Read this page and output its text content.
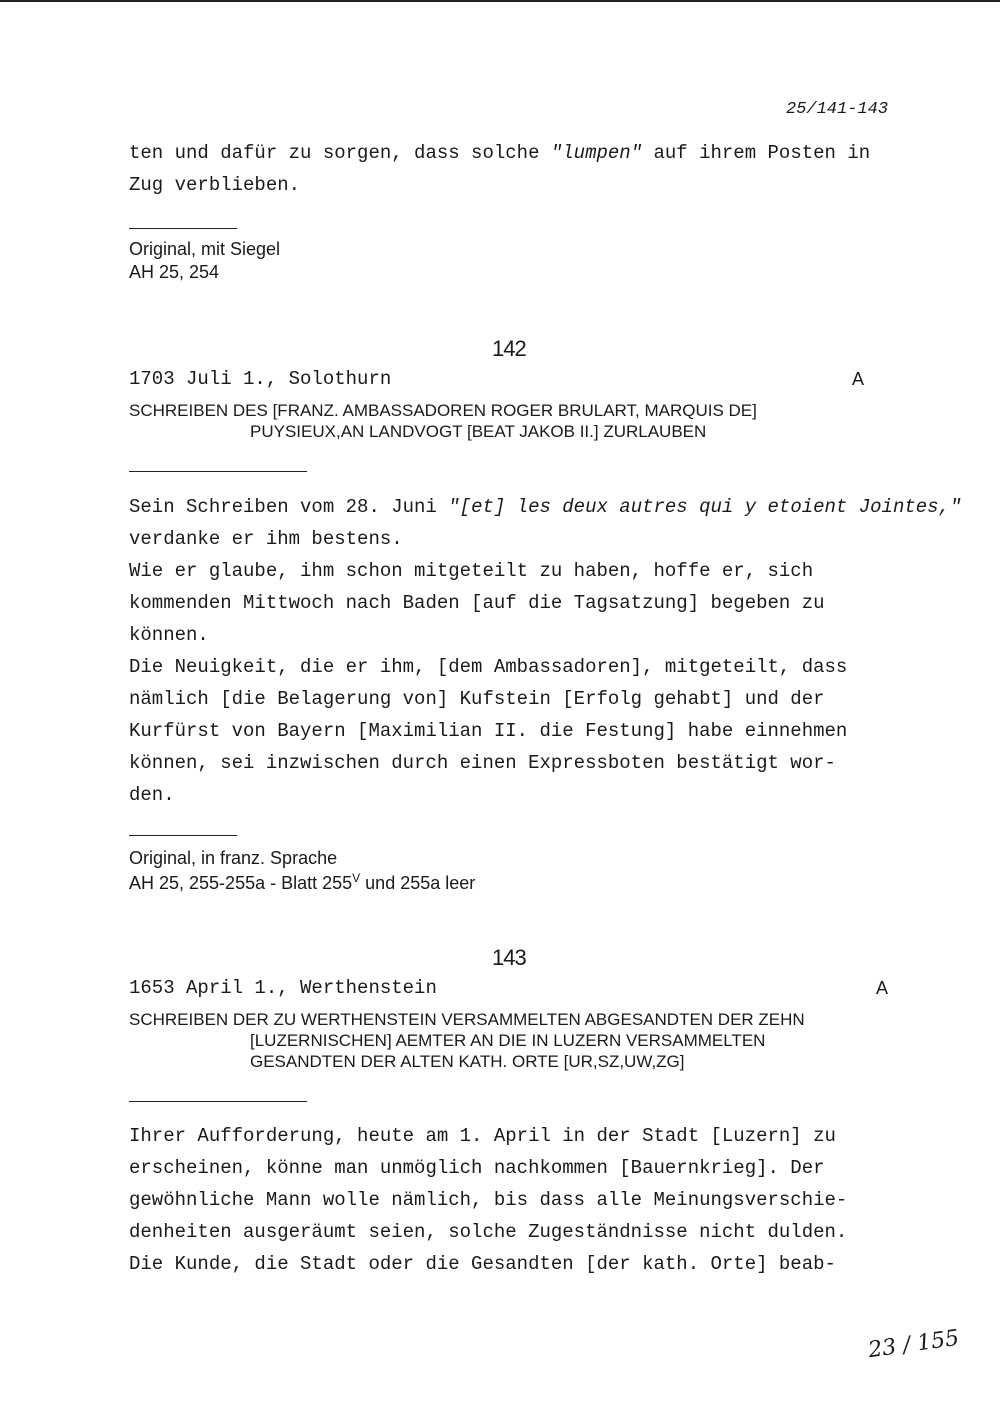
25/141-143
ten und dafür zu sorgen, dass solche "lumpen" auf ihrem Posten in
Zug verblieben.
Original, mit Siegel
AH 25, 254
142
1703 Juli 1., Solothurn	A
SCHREIBEN DES [FRANZ. AMBASSADOREN ROGER BRULART, MARQUIS DE]
PUYSIEUX,AN LANDVOGT [BEAT JAKOB II.] ZURLAUBEN
Sein Schreiben vom 28. Juni "[et] les deux autres qui y etoient Jointes,"
verdanke er ihm bestens.
Wie er glaube, ihm schon mitgeteilt zu haben, hoffe er, sich
kommenden Mittwoch nach Baden [auf die Tagsatzung] begeben zu
können.
Die Neuigkeit, die er ihm, [dem Ambassadoren], mitgeteilt, dass
nämlich [die Belagerung von] Kufstein [Erfolg gehabt] und der
Kurfürst von Bayern [Maximilian II. die Festung] habe einnehmen
können, sei inzwischen durch einen Expressboten bestätigt wor-
den.
Original, in franz. Sprache
AH 25, 255-255a - Blatt $255^V$ und 255a leer
143
1653 April 1., Werthenstein	A
SCHREIBEN DER ZU WERTHENSTEIN VERSAMMELTEN ABGESANDTEN DER ZEHN
[LUZERNISCHEN] AEMTER AN DIE IN LUZERN VERSAMMELTEN
GESANDTEN DER ALTEN KATH. ORTE [UR,SZ,UW,ZG]
Ihrer Aufforderung, heute am 1. April in der Stadt [Luzern] zu
erscheinen, könne man unmöglich nachkommen [Bauernkrieg]. Der
gewöhnliche Mann wolle nämlich, bis dass alle Meinungsverschie-
denheiten ausgeräumt seien, solche Zugeständnisse nicht dulden.
Die Kunde, die Stadt oder die Gesandten [der kath. Orte] beab-
23 / 155
